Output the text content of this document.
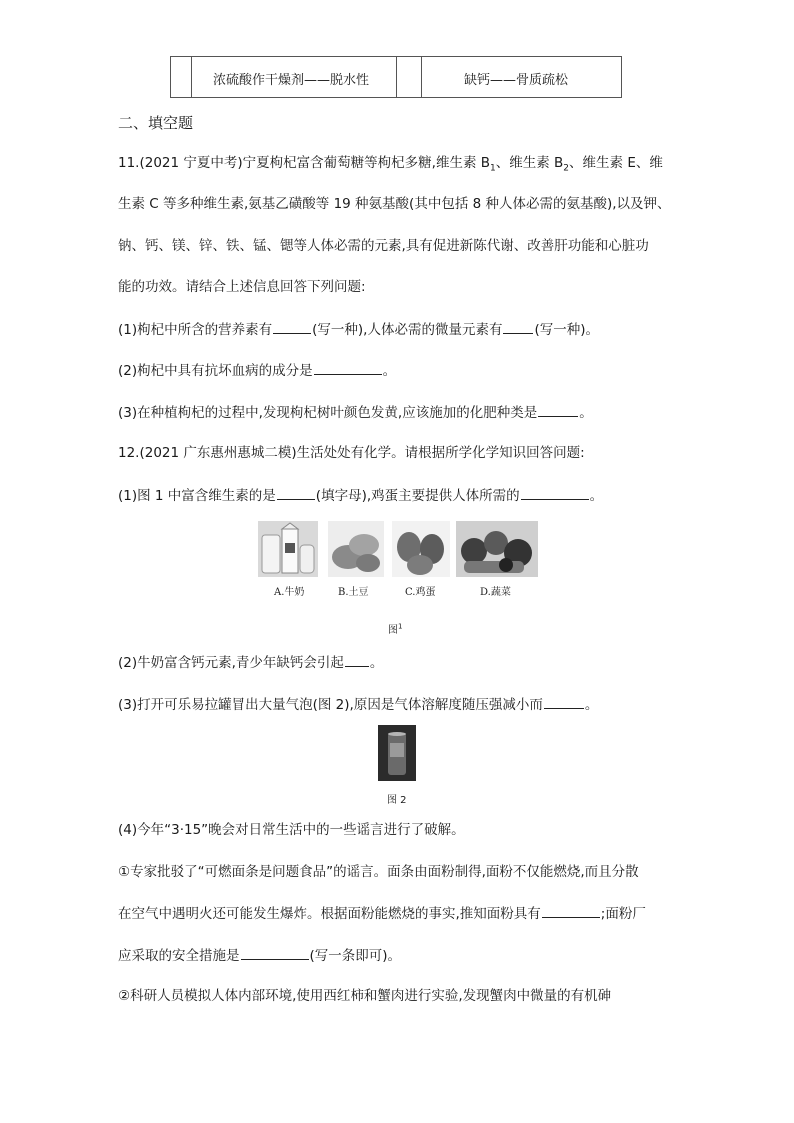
浓硫酸作干燥剂——脱水性	缺钙——骨质疏松
二、填空题
11.(2021 宁夏中考)宁夏枸杞富含葡萄糖等枸杞多糖,维生素 $B_1$、维生素 $B_2$、维生素 E、维
生素 C 等多种维生素,氨基乙磺酸等 19 种氨基酸(其中包括 8 种人体必需的氨基酸),以及钾、
钠、钙、镁、锌、铁、锰、锶等人体必需的元素,具有促进新陈代谢、改善肝功能和心脏功
能的功效。请结合上述信息回答下列问题:
(1)枸杞中所含的营养素有	(写一种),人体必需的微量元素有 (写一种)。
(2)枸杞中具有抗坏血病的成分是	。
(3)在种植枸杞的过程中,发现枸杞树叶颜色发黄,应该施加的化肥种类是	。
12.(2021 广东惠州惠城二模)生活处处有化学。请根据所学化学知识回答问题:
(1)图 1 中富含维生素的是	(填字母),鸡蛋主要提供人体所需的	。
A.牛奶	B.土豆	C.鸡蛋	D.蔬菜
图$^1$
(2)牛奶富含钙元素,青少年缺钙会引起 。
(3)打开可乐易拉罐冒出大量气泡(图 2),原因是气体溶解度随压强减小而	。
图 2
(4)今年“3·15”晚会对日常生活中的一些谣言进行了破解。
①专家批驳了“可燃面条是问题食品”的谣言。面条由面粉制得,面粉不仅能燃烧,而且分散
在空气中遇明火还可能发生爆炸。根据面粉能燃烧的事实,推知面粉具有	;面粉厂
应采取的安全措施是	(写一条即可)。
②科研人员模拟人体内部环境,使用西红柿和蟹肉进行实验,发现蟹肉中微量的有机砷
